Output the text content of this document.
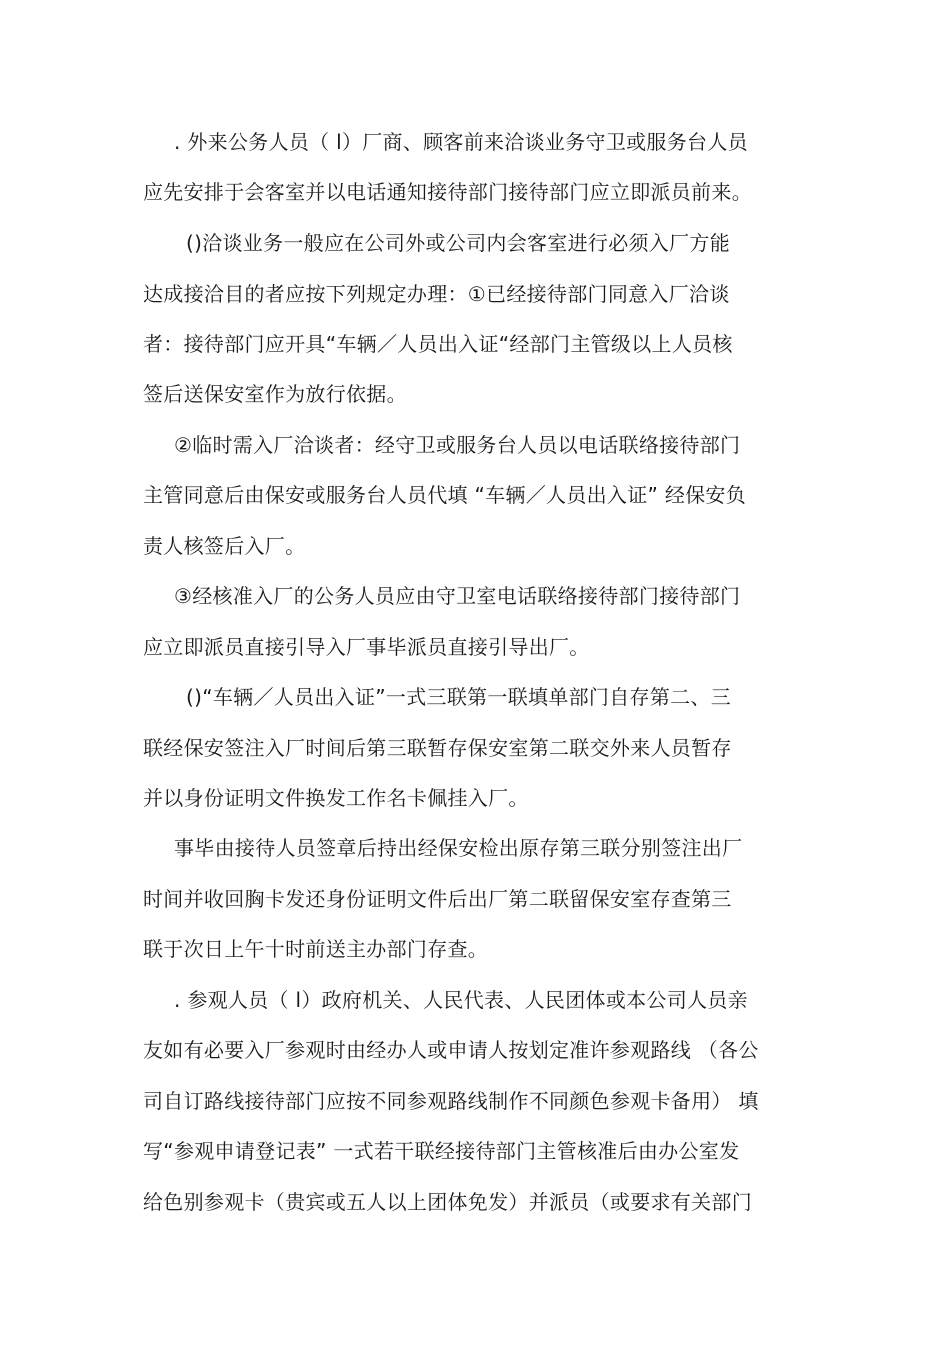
. 外来公务人员（ l）厂商、顾客前来洽谈业务守卫或服务台人员
应先安排于会客室并以电话通知接待部门接待部门应立即派员前来。
()洽谈业务一般应在公司外或公司内会客室进行必须入厂方能
达成接洽目的者应按下列规定办理：①已经接待部门同意入厂洽谈
者：接待部门应开具“车辆／人员出入证“经部门主管级以上人员核
签后送保安室作为放行依据。
②临时需入厂洽谈者：经守卫或服务台人员以电话联络接待部门
主管同意后由保安或服务台人员代填 “车辆／人员出入证” 经保安负
责人核签后入厂。
③经核准入厂的公务人员应由守卫室电话联络接待部门接待部门
应立即派员直接引导入厂事毕派员直接引导出厂。
()“车辆／人员出入证”一式三联第一联填单部门自存第二、三
联经保安签注入厂时间后第三联暂存保安室第二联交外来人员暂存
并以身份证明文件换发工作名卡佩挂入厂。
事毕由接待人员签章后持出经保安检出原存第三联分别签注出厂
时间并收回胸卡发还身份证明文件后出厂第二联留保安室存查第三
联于次日上午十时前送主办部门存查。
. 参观人员（ l）政府机关、人民代表、人民团体或本公司人员亲
友如有必要入厂参观时由经办人或申请人按划定准许参观路线 （各公
司自订路线接待部门应按不同参观路线制作不同颜色参观卡备用） 填
写“参观申请登记表” 一式若干联经接待部门主管核准后由办公室发
给色别参观卡（贵宾或五人以上团体免发）并派员（或要求有关部门
